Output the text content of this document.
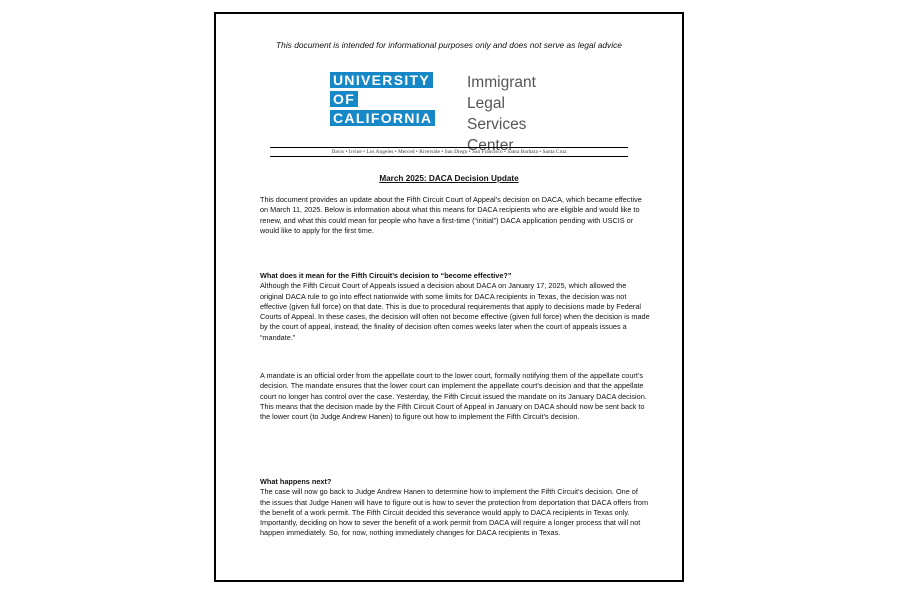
This document is intended for informational purposes only and does not serve as legal advice
UNIVERSITY
OF
CALIFORNIA
Immigrant
Legal Services
Center
Davis • Irvine • Los Angeles • Merced • Riverside • San Diego • San Francisco • Santa Barbara • Santa Cruz
March 2025: DACA Decision Update

This document provides an update about the Fifth Circuit Court of Appeal’s decision on DACA, which became effective on March 11, 2025. Below is information about what this means for DACA recipients who are eligible and would like to renew, and what this could mean for people who have a first-time (“initial”) DACA application pending with USCIS or would like to apply for the first time.

What does it mean for the Fifth Circuit’s decision to “become effective?”

Although the Fifth Circuit Court of Appeals issued a decision about DACA on January 17, 2025, which allowed the original DACA rule to go into effect nationwide with some limits for DACA recipients in Texas, the decision was not effective (given full force) on that date. This is due to procedural requirements that apply to decisions made by Federal Courts of Appeal. In these cases, the decision will often not become effective (given full force) when the decision is made by the court of appeal, instead, the finality of decision often comes weeks later when the court of appeals issues a “mandate.”

A mandate is an official order from the appellate court to the lower court, formally notifying them of the appellate court’s decision. The mandate ensures that the lower court can implement the appellate court’s decision and that the appellate court no longer has control over the case. Yesterday, the Fifth Circuit issued the mandate on its January DACA decision. This means that the decision made by the Fifth Circuit Court of Appeal in January on DACA should now be sent back to the lower court (to Judge Andrew Hanen) to figure out how to implement the Fifth Circuit’s decision.

What happens next?

The case will now go back to Judge Andrew Hanen to determine how to implement the Fifth Circuit’s decision. One of the issues that Judge Hanen will have to figure out is how to sever the protection from deportation that DACA offers from the benefit of a work permit. The Fifth Circuit decided this severance would apply to DACA recipients in Texas only.

Importantly, deciding on how to sever the benefit of a work permit from DACA will require a longer process that will not happen immediately. So, for now, nothing immediately changes for DACA recipients in Texas.
